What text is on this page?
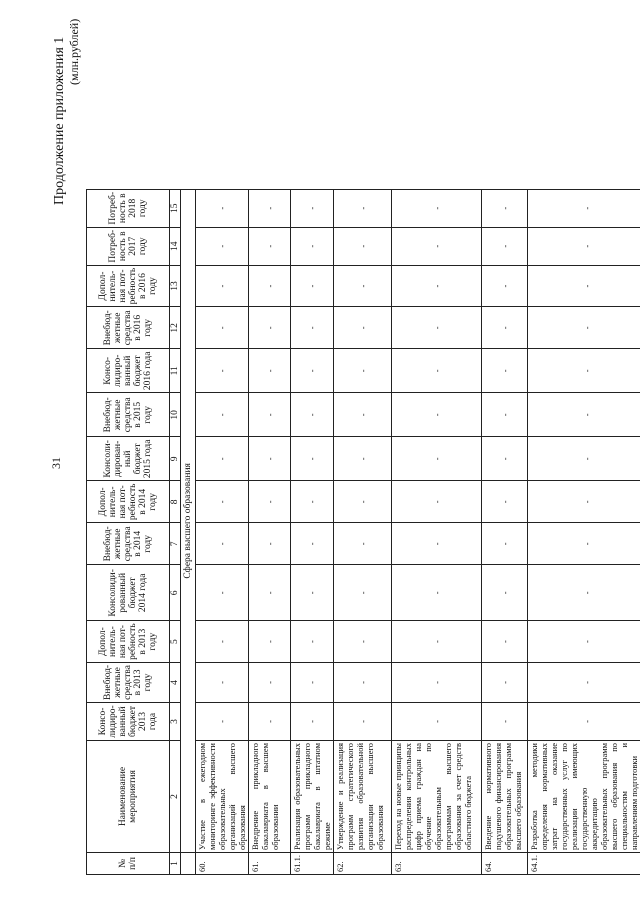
31
Продолжение приложения 1 (млн.рублей)
№ п/п	Наименование мероприятия	Консо- лидиро- ванный бюджет 2013 года	Внебюд- жетные средства в 2013 году	Допол- нитель- ная пот- ребность в 2013 году	Консолиди- рованный бюджет 2014 года	Внебюд- жетные средства в 2014 году	Допол- нитель- ная пот- ребность в 2014 году	Консоли- дирован- ный бюджет 2015 года	Внебюд- жетные средства в 2015 году	Консо- лидиро- ванный бюджет 2016 года	Внебюд- жетные средства в 2016 году	Допол- нитель- ная пот- ребность в 2016 году	Потреб- ность в 2017 году	Потреб- ность в 2018 году
1	2	3	4	5	6	7	8	9	10	11	12	13	14	15
	Сфера высшего образования													
60.	Участие в ежегодном мониторинге эффективности образовательных организаций высшего образования	-	-	-	-	-	-	-	-	-	-	-	-	-
61.	Внедрение прикладного бакалавриата в высшем образовании	-	-	-	-	-	-	-	-	-	-	-	-	-
61.1.	Реализация образовательных программ прикладного бакалавриата в штатном режиме	-	-	-	-	-	-	-	-	-	-	-	-	-
62.	Утверждение и реализация программ стратегического развития образовательной организации высшего образования	-	-	-	-	-	-	-	-	-	-	-	-	-
63.	Переход на новые принципы распределения контрольных цифр приема граждан на обучение по образовательным программам высшего образования за счет средств областного бюджета	-	-	-	-	-	-	-	-	-	-	-	-	-
64.	Введение нормативного подушевого финансирования образовательных программ высшего образования	-	-	-	-	-	-	-	-	-	-	-	-	-
64.1.	Разработка методики определения нормативных затрат на оказание государственных услуг по реализации имеющих государственную аккредитацию образовательных программ высшего образования по специальностям и направлениям подготовки	-	-	-	-	-	-	-	-	-	-	-	-	-
